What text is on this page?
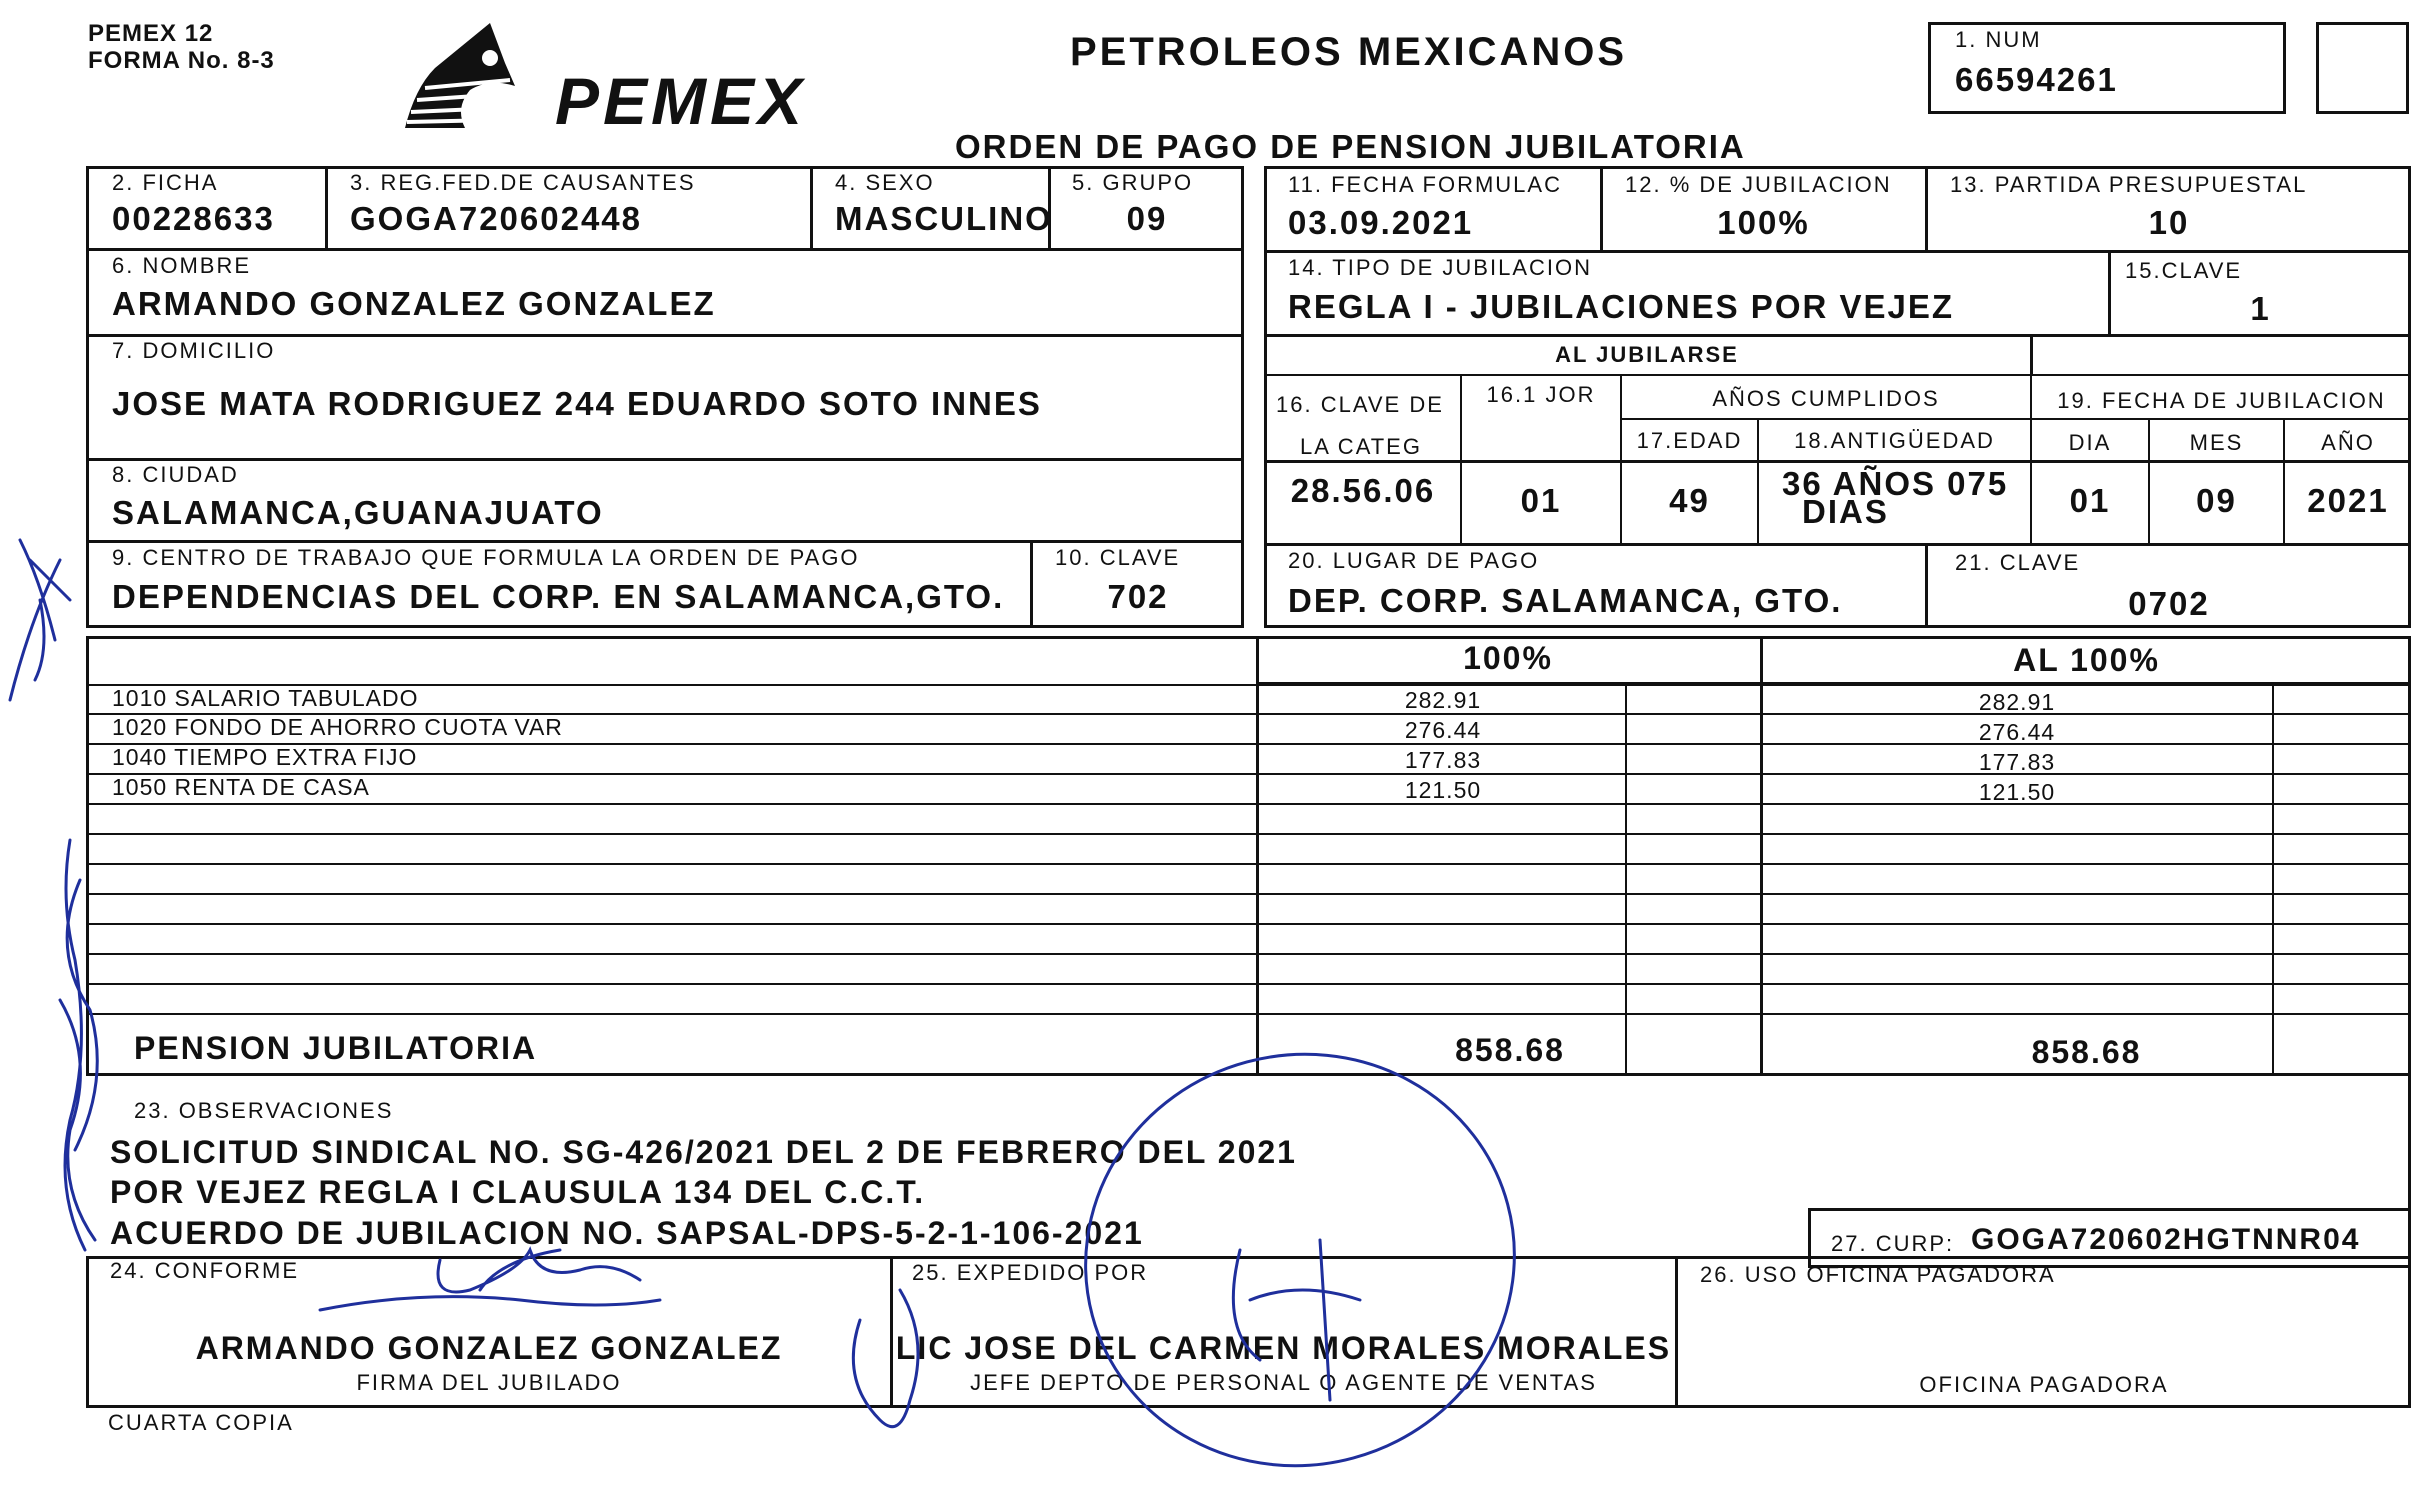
PEMEX 12
FORMA No. 8-3
PEMEX
PETROLEOS MEXICANOS
ORDEN DE PAGO DE PENSION JUBILATORIA
1. NUM
66594261
2. FICHA
00228633
3. REG.FED.DE CAUSANTES
GOGA720602448
4. SEXO
MASCULINO
5. GRUPO
09
6. NOMBRE
ARMANDO GONZALEZ GONZALEZ
7. DOMICILIO
JOSE MATA RODRIGUEZ 244 EDUARDO SOTO INNES
8. CIUDAD
SALAMANCA,GUANAJUATO
9. CENTRO DE TRABAJO QUE FORMULA LA ORDEN DE PAGO
DEPENDENCIAS DEL CORP. EN SALAMANCA,GTO.
10. CLAVE
702
11. FECHA FORMULAC
03.09.2021
12. % DE JUBILACION
100%
13. PARTIDA PRESUPUESTAL
10
14. TIPO DE JUBILACION
REGLA I - JUBILACIONES POR VEJEZ
15.CLAVE
1
AL JUBILARSE
16. CLAVE DE
LA CATEG
28.56.06
16.1 JOR
01
AÑOS CUMPLIDOS
17.EDAD
49
18.ANTIGÜEDAD
36 AÑOS 075
DIAS
19. FECHA DE JUBILACION
DIA
01
MES
09
AÑO
2021
20. LUGAR DE PAGO
DEP. CORP. SALAMANCA, GTO.
21. CLAVE
0702
100%	AL 100%
1010 SALARIO TABULADO	282.91	282.91
1020 FONDO DE AHORRO CUOTA VAR	276.44	276.44
1040 TIEMPO EXTRA FIJO	177.83	177.83
1050 RENTA DE CASA	121.50	121.50
PENSION JUBILATORIA	858.68	858.68
23. OBSERVACIONES
SOLICITUD SINDICAL NO. SG-426/2021 DEL 2 DE FEBRERO DEL 2021
POR VEJEZ REGLA I CLAUSULA 134 DEL C.C.T.
ACUERDO DE JUBILACION NO. SAPSAL-DPS-5-2-1-106-2021	27. CURP: GOGA720602HGTNNR04
24. CONFORME
ARMANDO GONZALEZ GONZALEZ
FIRMA DEL JUBILADO
25. EXPEDIDO POR
LIC JOSE DEL CARMEN MORALES MORALES
JEFE DEPTO DE PERSONAL O AGENTE DE VENTAS
26. USO OFICINA PAGADORA
OFICINA PAGADORA
CUARTA COPIA
